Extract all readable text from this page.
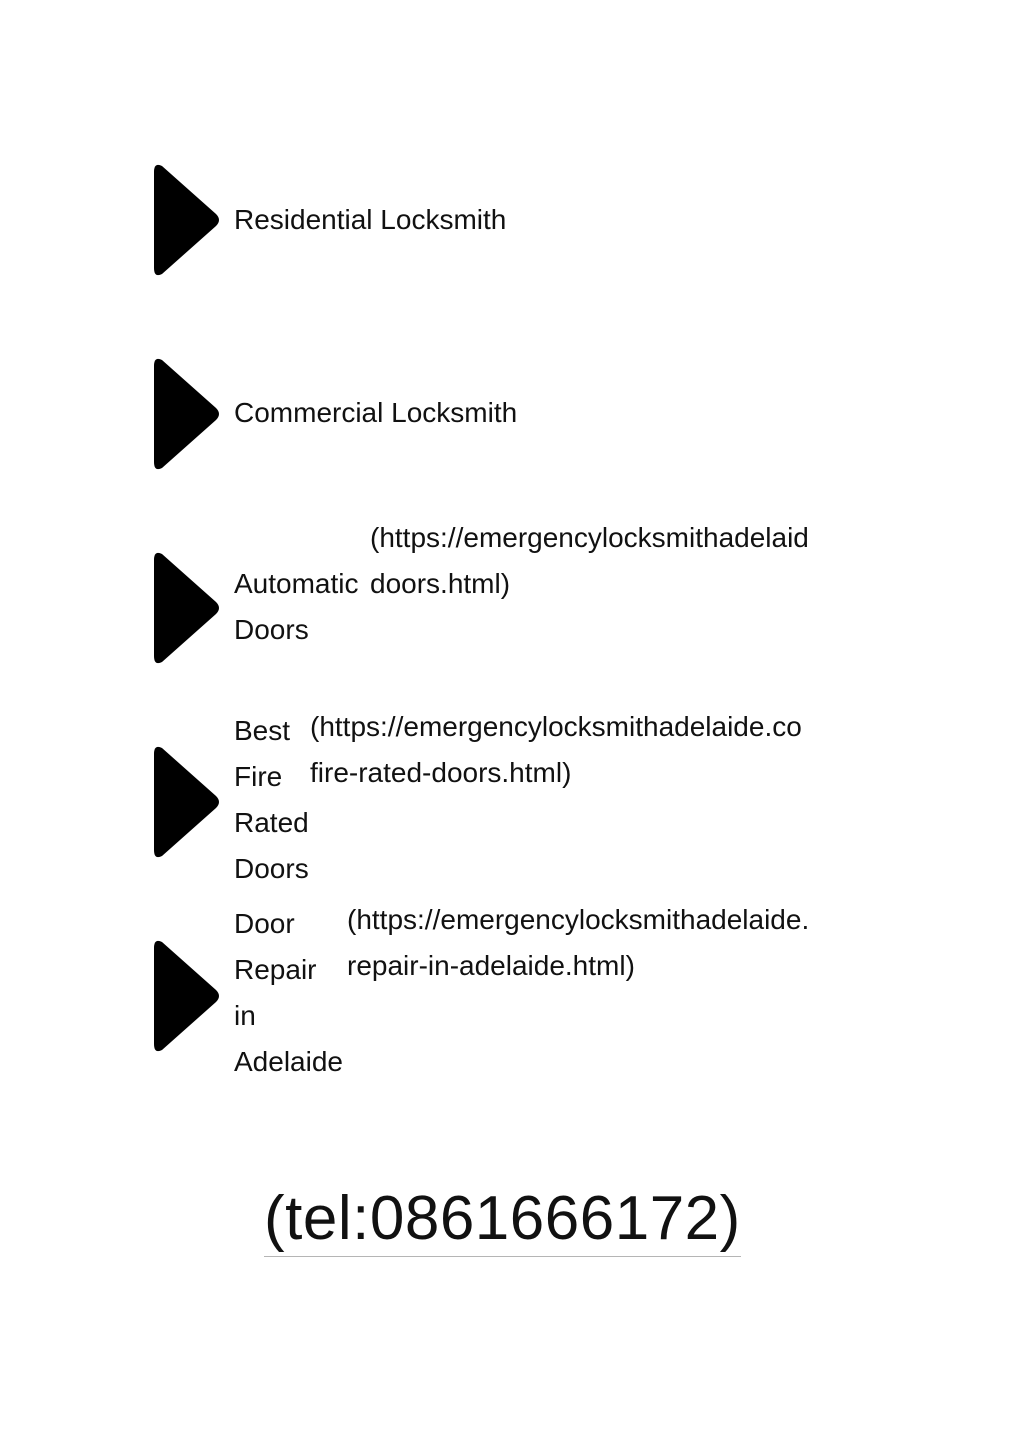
Residential Locksmith
Commercial Locksmith
Automatic
Doors
(https://emergencylocksmithadelaid
doors.html)
Best
Fire
Rated
Doors
(https://emergencylocksmithadelaide.co
fire-rated-doors.html)
Door
Repair
in
Adelaide
(https://emergencylocksmithadelaide.
repair-in-adelaide.html)
(tel:0861666172)
